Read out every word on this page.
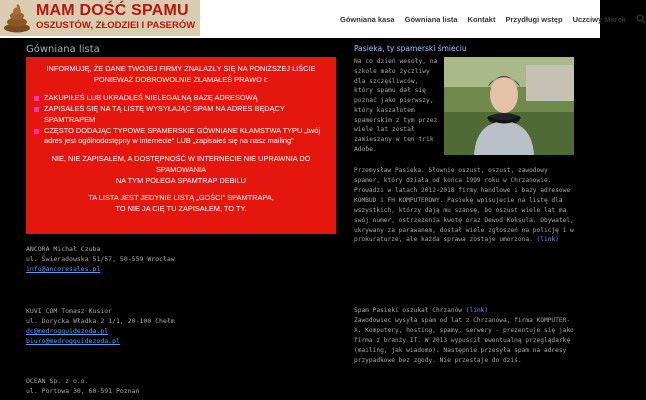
MAM DOŚĆ SPAMU
OSZUSTÓW, ZŁODZIEI I PASERÓW
Gówniana kasa Gówniana lista Kontakt Przydługi wstęp Uczciwy Marek
Gówniana lista
INFORMUJĘ, ŻE DANE TWOJEJ FIRMY ZNALAZŁY SIĘ NA PONIŻSZEJ LIŚCIE PONIEWAŻ DOBROWOLNIE ZŁAMAŁEŚ PRAWO I:
ZAKUPIŁEŚ LUB UKRADŁEŚ NIELEGALNĄ BAZĘ ADRESOWĄ
ZAPISAŁEŚ SIĘ NA TĄ LISTĘ WYSYŁAJĄC SPAM NA ADRES BĘDĄCY SPAMTRAPEM
CZĘSTO DODAJĄC TYPOWE SPAMERSKIE GÓWNIANE KŁAMSTWA TYPU „twój adres jest ogólnodostępny w internecie" LUB „zapisałeś się na nasz mailing"
NIE, NIE ZAPISAŁEM, A DOSTĘPNOŚĆ W INTERNECIE NIE UPRAWNIA DO SPAMOWANIA
NA TYM POLEGA SPAMTRAP DEBILU
TA LISTA JEST JEDYNIE LISTĄ „GOŚCI" SPAMTRAPA,
TO NIE JA CIĘ TU ZAPISAŁEM, TO TY.
ANCORA Michał Czuba
ul. Świeradowska 51/57, 50-559 Wrocław
info@ancoresales.pl
KUVI COM Tomasz Kusior
ul. Dorycka Władka 2 1/1, 20-100 Chełm
dc@medrogguidezoda.pl
biuro@medrogguidezoda.pl
OCEAN Sp. z o.o.
ul. Portowa 30, 60-591 Poznań
Pasieka, ty spamerski śmieciu
Na co dzień wesoły, na szkole mało życzliwy dla szczęśliwców, który spamu dał się poznać jako pierwszy, który kaszalotem spamerskim z tym przez wiele lat został zamieszany w ten trik Adobe.
Przemysław Pasieka. Słownie oszust, oszust, zawodowy spamer, który działa od końca 1999 roku w Chrzanowie. Prowadzi w latach 2012-2018 firmy handlowe i bazy adresowe KOMBUD i FH KOMPUTEROWY. Pasiekę wpisujecie na listę dla wszystkich, którzy dają mu szansę, bo oszust wiele lat ma swój numer, ostrzeżenia kwotę oraz Dewod Koksula. Obywatel, ukrywany za parawanem, dostał wiele zgłoszeń na policję i w prokuraturze, ale każda sprawa zostaje umorzona. (link)
Spam Pasieki oszukał Chrzanów (link)
Zawodowiec wysyła spam od lat z Chrzanowa, firma KOMPUTER-X. Komputery, hosting, spamy, serwery - prezentuje się jako firma z branży IT. W 2013 wypuścił ewentualną przeglądarkę (mailing, jak wiadomo). Następnie przesyła spam na adresy przypadkowe bez zgody. Nie przestaje do dziś.
